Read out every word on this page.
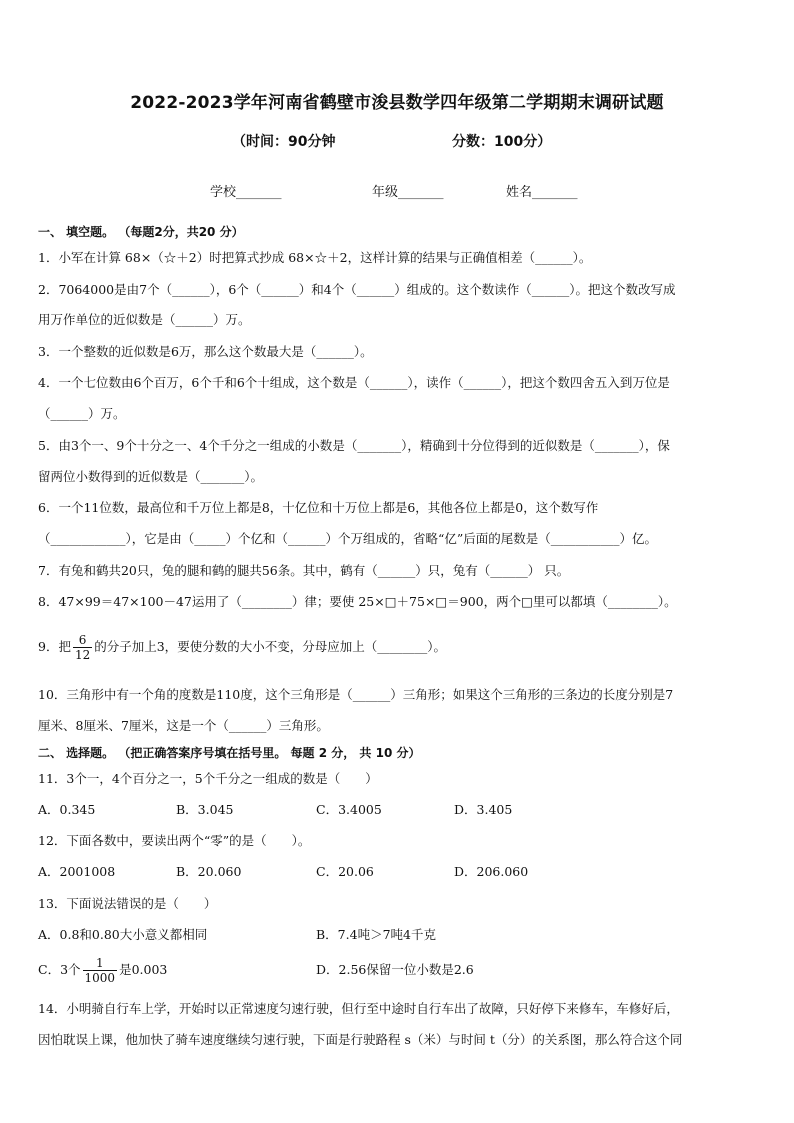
2022-2023学年河南省鹤壁市浚县数学四年级第二学期期末调研试题
（时间：90分钟	分数：100分）
学校_______	年级_______	姓名_______
一、 填空题。 （每题2分，共20 分）
1．小军在计算 68×（☆＋2）时把算式抄成 68×☆＋2，这样计算的结果与正确值相差（______）。
2．7064000是由7个（______），6个（______）和4个（______）组成的。这个数读作（______）。把这个数改写成
用万作单位的近似数是（______）万。
3．一个整数的近似数是6万，那么这个数最大是（______）。
4．一个七位数由6个百万，6个千和6个十组成，这个数是（______），读作（______），把这个数四舍五入到万位是
（______）万。
5．由3个一、9个十分之一、4个千分之一组成的小数是（_______），精确到十分位得到的近似数是（_______），保
留两位小数得到的近似数是（_______）。
6．一个11位数，最高位和千万位上都是8，十亿位和十万位上都是6，其他各位上都是0，这个数写作
（____________），它是由（_____）个亿和（______）个万组成的，省略“亿”后面的尾数是（___________）亿。
7．有兔和鹤共20只，兔的腿和鹤的腿共56条。其中，鹤有（______）只，兔有（______） 只。
8．47×99＝47×100－47运用了（________）律；要使 25×□＋75×□＝900，两个□里可以都填（________）。
9．把 $\frac{6}{12}$ 的分子加上3，要使分数的大小不变，分母应加上（________）。
10．三角形中有一个角的度数是110度，这个三角形是（______）三角形；如果这个三角形的三条边的长度分别是7
厘米、8厘米、7厘米，这是一个（______）三角形。
二、 选择题。 （把正确答案序号填在括号里。 每题 2 分， 共 10 分）
11．3个一，4个百分之一，5个千分之一组成的数是（　　）
A．0.345	B．3.045	C．3.4005	D．3.405
12．下面各数中，要读出两个“零”的是（　　）。
A．2001008	B．20.060	C．20.06	D．206.060
13．下面说法错误的是（　　）
A．0.8和0.80大小意义都相同	B．7.4吨＞7吨4千克
C．3个 $\frac{1}{1000}$ 是0.003	D．2.56保留一位小数是2.6
14．小明骑自行车上学，开始时以正常速度匀速行驶，但行至中途时自行车出了故障，只好停下来修车，车修好后，
因怕耽误上课，他加快了骑车速度继续匀速行驶，下面是行驶路程 s（米）与时间 t（分）的关系图，那么符合这个同
